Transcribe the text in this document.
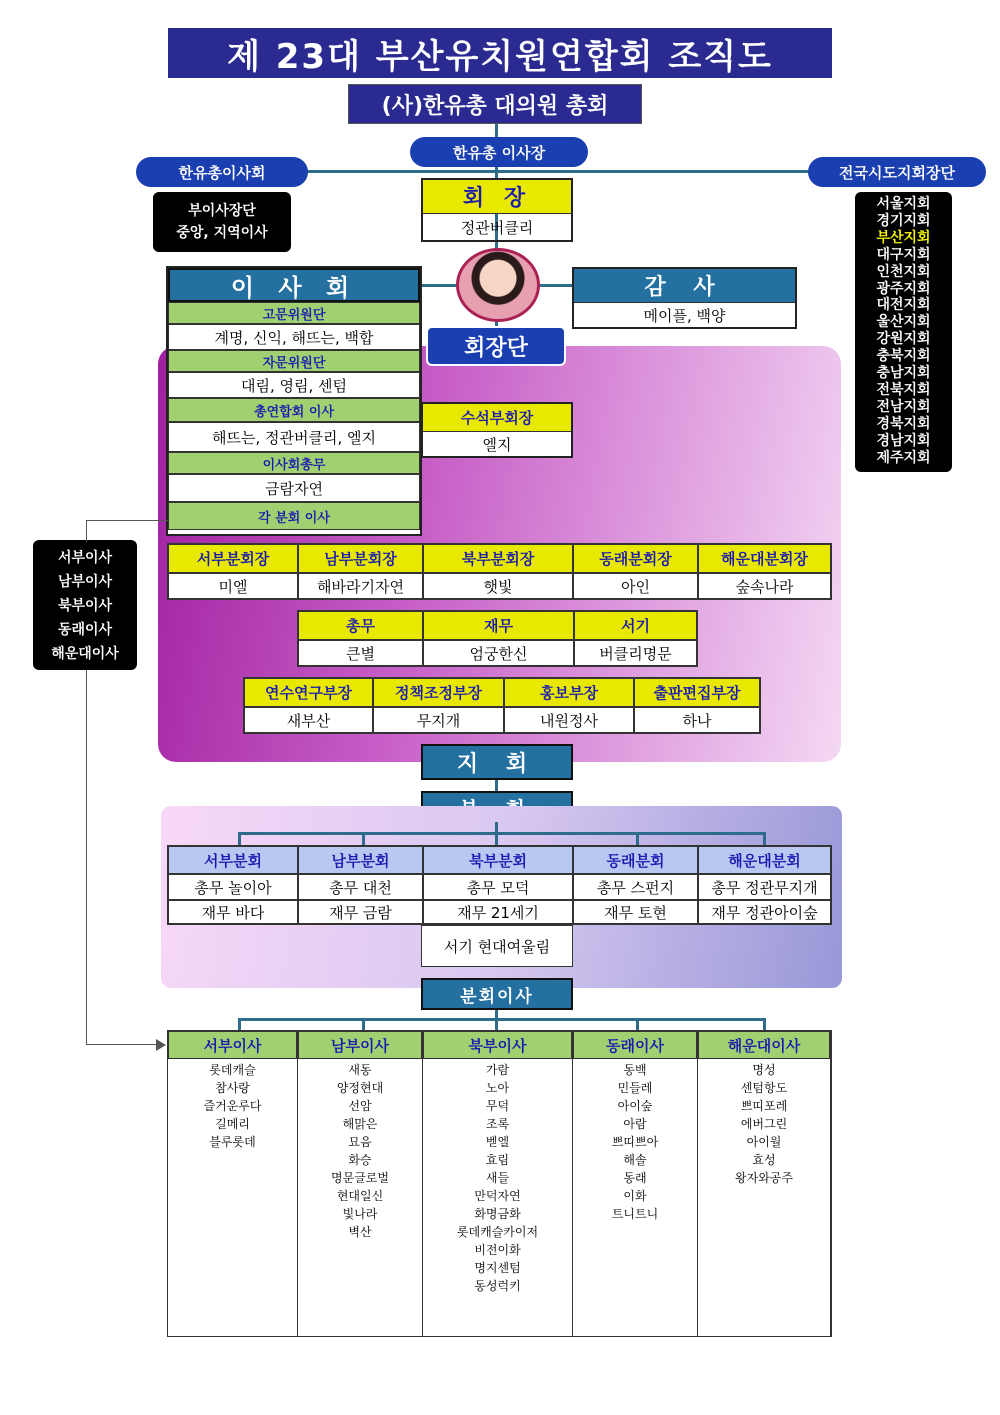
제 23대 부산유치원연합회 조직도
(사)한유총 대의원 총회
한유총 이사장
한유총이사회	전국시도지회장단
부이사장단
중앙, 지역이사
서울지회
경기지회
부산지회
대구지회
인천지회
광주지회
대전지회
울산지회
강원지회
충북지회
충남지회
전북지회
전남지회
경북지회
경남지회
제주지회
회 장
정관버클리
이 사 회
고문위원단
계명, 신익, 해뜨는, 백합
자문위원단
대림, 영림, 센텀
총연합회 이사
해뜨는, 정관버클리, 엘지
이사회총무
금람자연
각 분회 이사
감 사
메이플, 백양
회장단
수석부회장
엘지
서부분회장
미엘
남부분회장
해바라기자연
북부분회장
햇빛
동래분회장
아인
해운대분회장
숲속나라
총무
큰별
재무
엄궁한신
서기
버클리명문
연수연구부장
새부산
정책조정부장
무지개
홍보부장
내원정사
출판편집부장
하나
서부이사
남부이사
북부이사
동래이사
해운대이사
지 회
서부분회
총무 놀이아
재무 바다
남부분회
총무 대천
재무 금람
북부분회
총무 모덕
재무 21세기
동래분회
총무 스펀지
재무 토현
해운대분회
총무 정관무지개
재무 정관아이숲
서기 현대여울림
분회이사
서부이사
롯데캐슬
참사랑
즐거운루다
길메리
블루롯데
남부이사
새동
양정현대
선암
해맑은
묘음
화승
명문글로벌
현대일신
빛나라
벽산
북부이사
가람
노아
무덕
조록
벧엘
효림
새들
만덕자연
화명금화
롯데캐슬카이저
비전이화
명지센텀
동성럭키
동래이사
동백
민들레
아이숲
아람
쁘띠쁘아
해솔
동래
이화
트니트니
해운대이사
명성
센텀항도
쁘띠포레
에버그린
아이월
효성
왕자와공주
